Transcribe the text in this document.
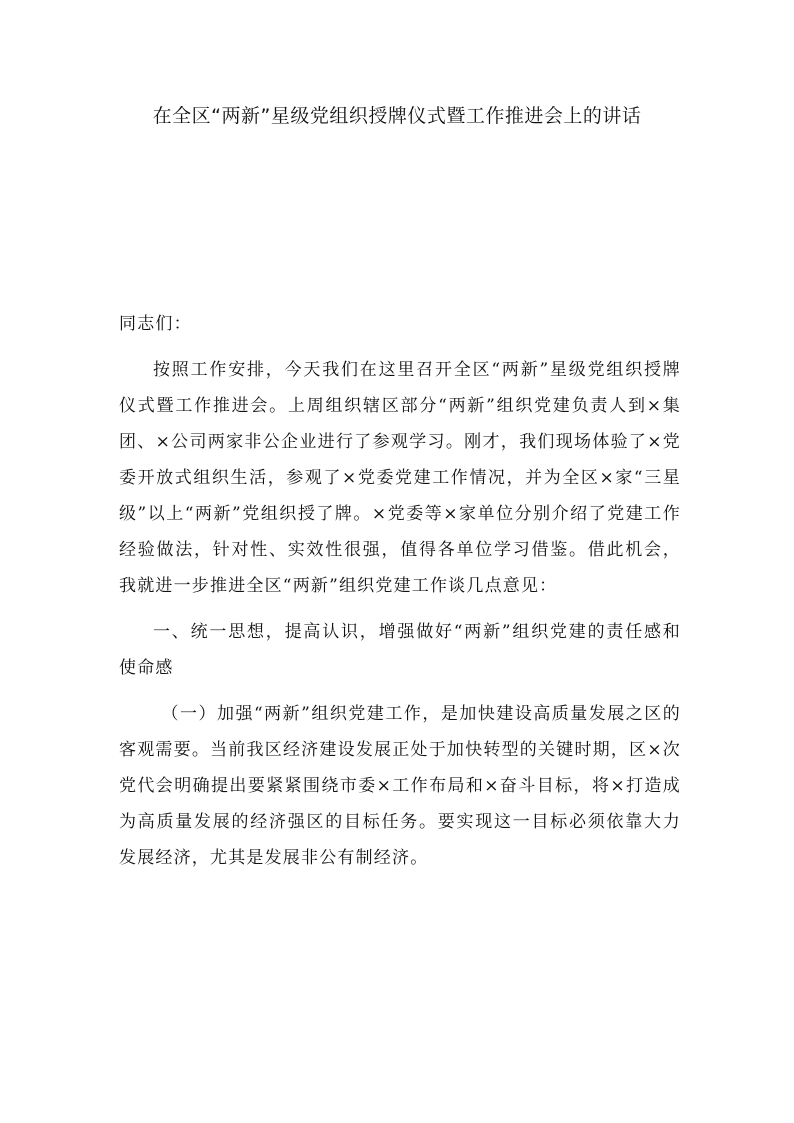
在全区“两新”星级党组织授牌仪式暨工作推进会上的讲话

同志们：

按照工作安排，今天我们在这里召开全区“两新”星级党组织授牌仪式暨工作推进会。上周组织辖区部分“两新”组织党建负责人到×集团、×公司两家非公企业进行了参观学习。刚才，我们现场体验了×党委开放式组织生活，参观了×党委党建工作情况，并为全区×家“三星级”以上“两新”党组织授了牌。×党委等×家单位分别介绍了党建工作经验做法，针对性、实效性很强，值得各单位学习借鉴。借此机会，我就进一步推进全区“两新”组织党建工作谈几点意见：

一、统一思想，提高认识，增强做好“两新”组织党建的责任感和使命感

（一）加强“两新”组织党建工作，是加快建设高质量发展之区的客观需要。当前我区经济建设发展正处于加快转型的关键时期，区×次党代会明确提出要紧紧围绕市委×工作布局和×奋斗目标，将×打造成为高质量发展的经济强区的目标任务。要实现这一目标必须依靠大力发展经济，尤其是发展非公有制经济。
